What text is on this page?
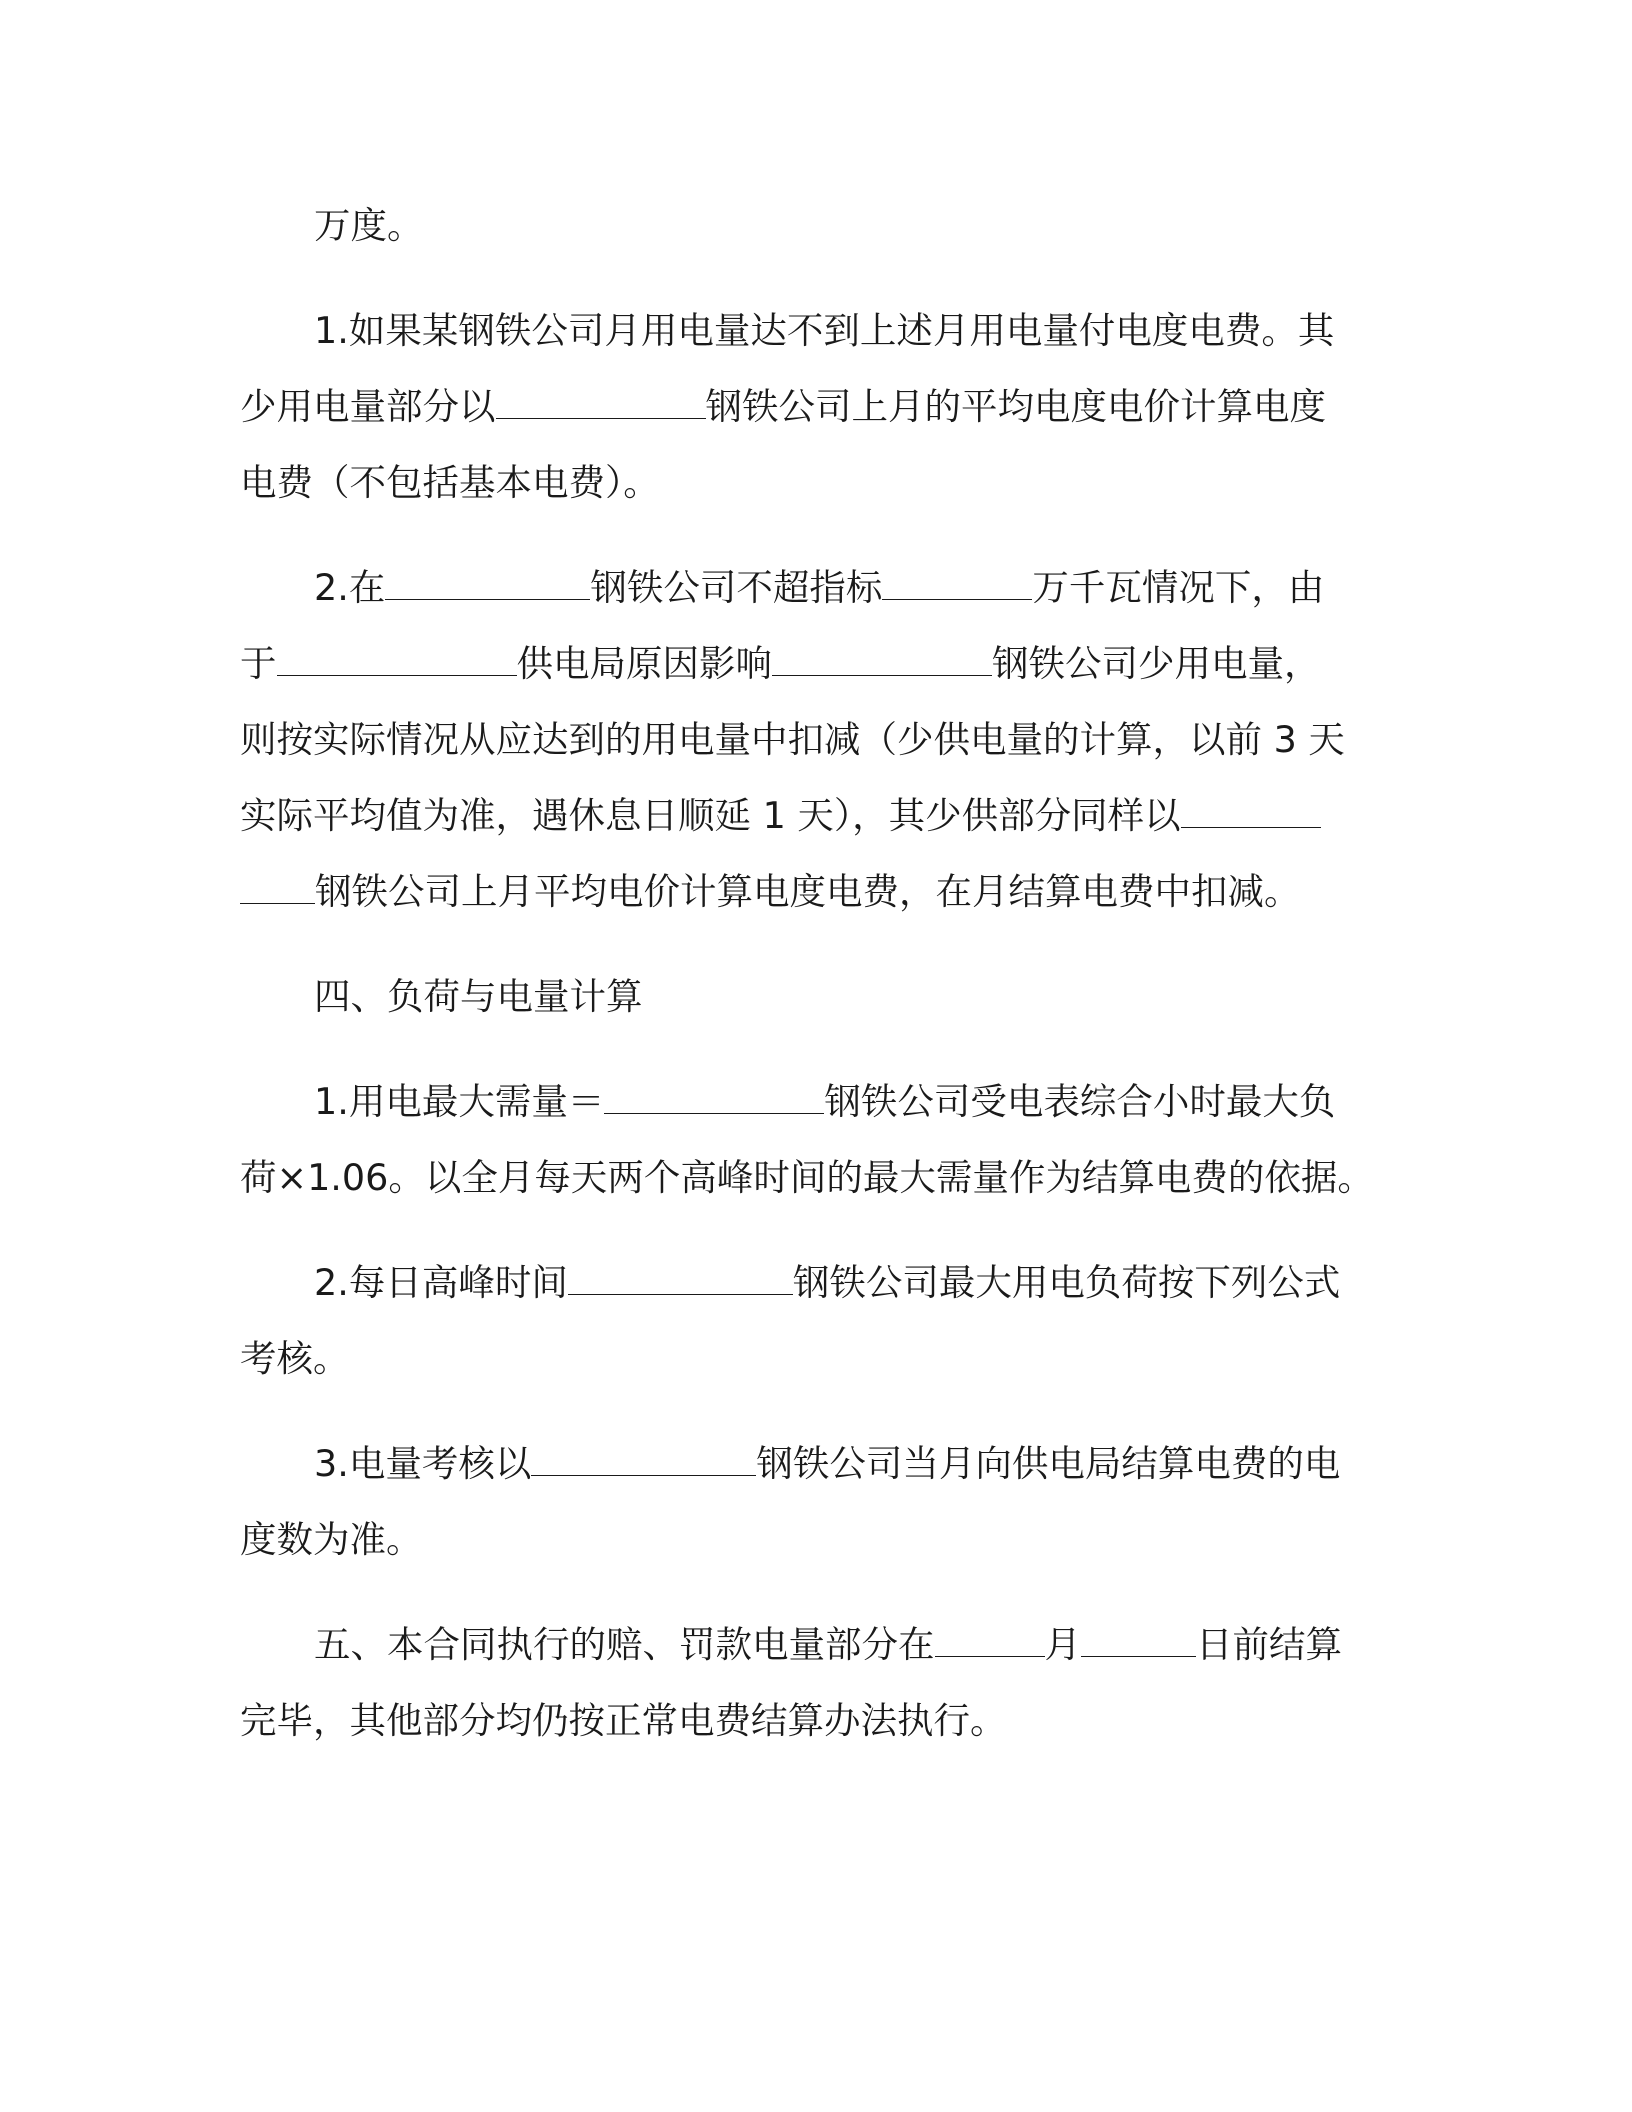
万度。

1.如果某钢铁公司月用电量达不到上述月用电量付电度电费。其
少用电量部分以	钢铁公司上月的平均电度电价计算电度
电费（不包括基本电费）。

2.在	钢铁公司不超指标	万千瓦情况下，由
于	供电局原因影响	钢铁公司少用电量，
则按实际情况从应达到的用电量中扣减（少供电量的计算，以前 3 天
实际平均值为准，遇休息日顺延 1 天），其少供部分同样以
钢铁公司上月平均电价计算电度电费，在月结算电费中扣减。

四、负荷与电量计算

1.用电最大需量＝	钢铁公司受电表综合小时最大负
荷×1.06。以全月每天两个高峰时间的最大需量作为结算电费的依据。

2.每日高峰时间	钢铁公司最大用电负荷按下列公式
考核。

3.电量考核以	钢铁公司当月向供电局结算电费的电
度数为准。

五、本合同执行的赔、罚款电量部分在	月	日前结算
完毕，其他部分均仍按正常电费结算办法执行。
